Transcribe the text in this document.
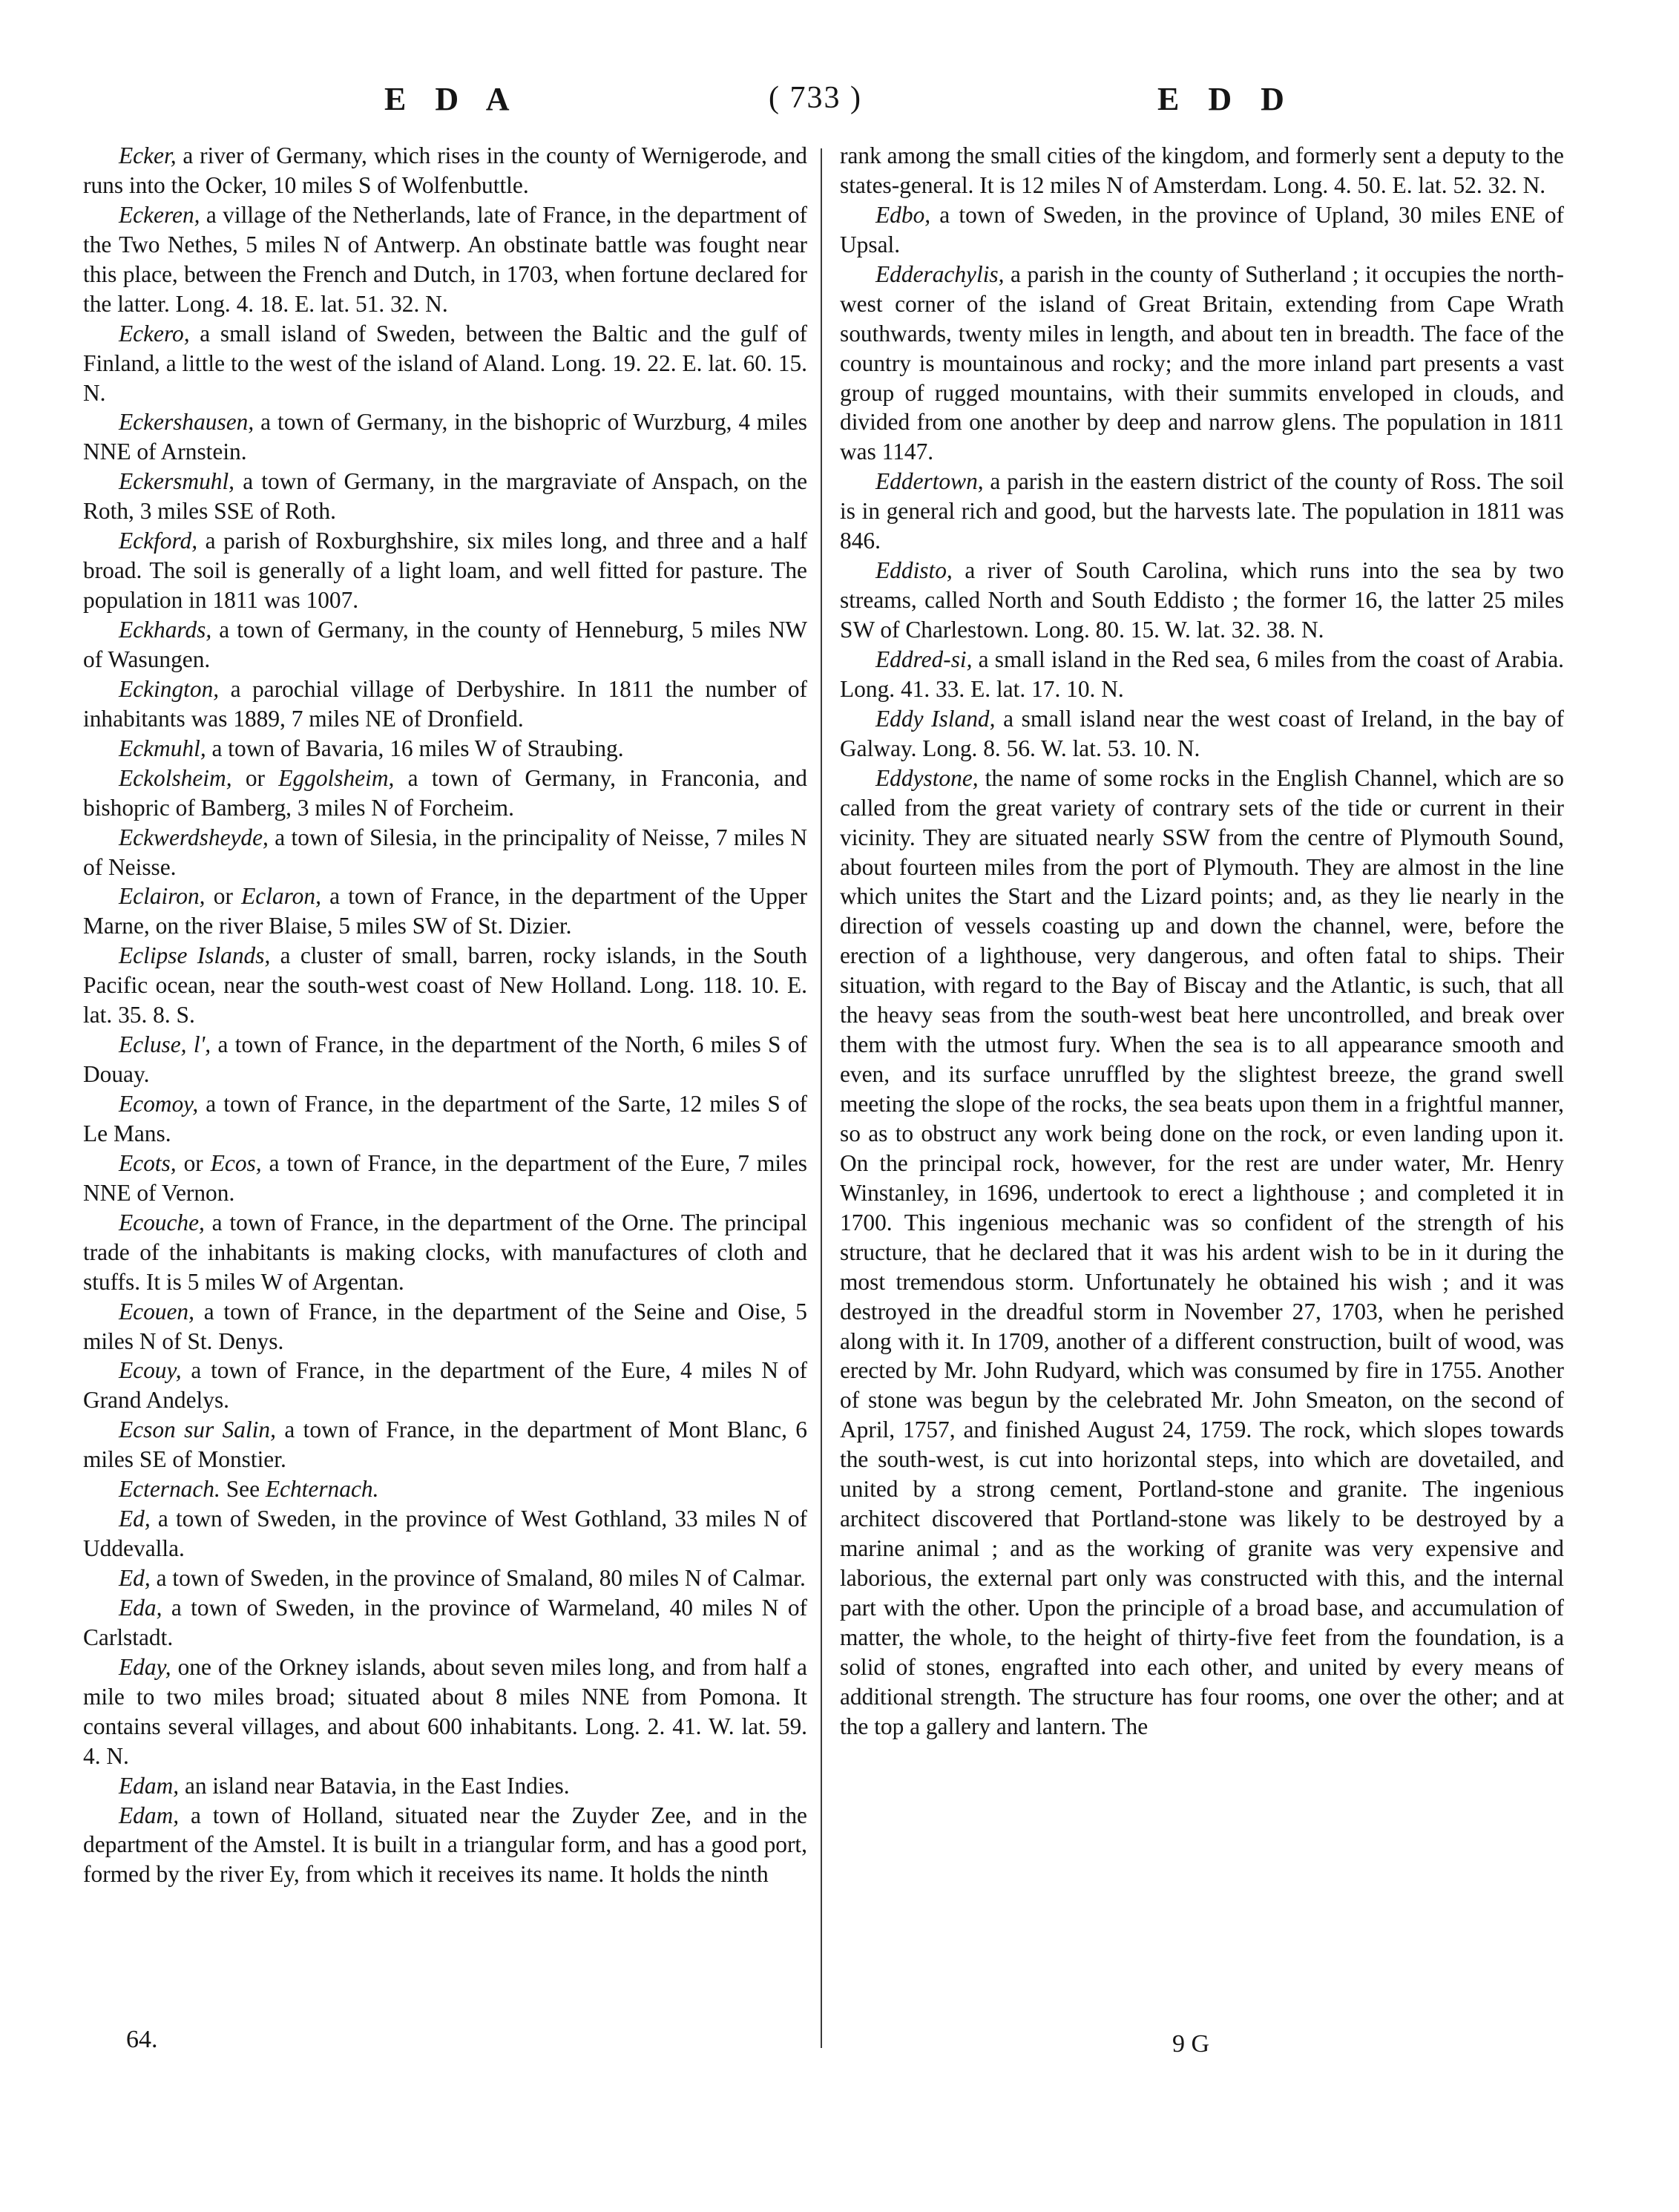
E D A	( 733 )	E D D

Ecker, a river of Germany, which rises in the county of Wernigerode, and runs into the Ocker, 10 miles S of Wolfenbuttle.

Eckeren, a village of the Netherlands, late of France, in the department of the Two Nethes, 5 miles N of Antwerp. An obstinate battle was fought near this place, between the French and Dutch, in 1703, when fortune declared for the latter. Long. 4. 18. E. lat. 51. 32. N.

Eckero, a small island of Sweden, between the Baltic and the gulf of Finland, a little to the west of the island of Aland. Long. 19. 22. E. lat. 60. 15. N.

Eckershausen, a town of Germany, in the bishopric of Wurzburg, 4 miles NNE of Arnstein.

Eckersmuhl, a town of Germany, in the margraviate of Anspach, on the Roth, 3 miles SSE of Roth.

Eckford, a parish of Roxburghshire, six miles long, and three and a half broad. The soil is generally of a light loam, and well fitted for pasture. The population in 1811 was 1007.

Eckhards, a town of Germany, in the county of Henneburg, 5 miles NW of Wasungen.

Eckington, a parochial village of Derbyshire. In 1811 the number of inhabitants was 1889, 7 miles NE of Dronfield.

Eckmuhl, a town of Bavaria, 16 miles W of Straubing.

Eckolsheim, or Eggolsheim, a town of Germany, in Franconia, and bishopric of Bamberg, 3 miles N of Forcheim.

Eckwerdsheyde, a town of Silesia, in the principality of Neisse, 7 miles N of Neisse.

Eclairon, or Eclaron, a town of France, in the department of the Upper Marne, on the river Blaise, 5 miles SW of St. Dizier.

Eclipse Islands, a cluster of small, barren, rocky islands, in the South Pacific ocean, near the south-west coast of New Holland. Long. 118. 10. E. lat. 35. 8. S.

Ecluse, l', a town of France, in the department of the North, 6 miles S of Douay.

Ecomoy, a town of France, in the department of the Sarte, 12 miles S of Le Mans.

Ecots, or Ecos, a town of France, in the department of the Eure, 7 miles NNE of Vernon.

Ecouche, a town of France, in the department of the Orne. The principal trade of the inhabitants is making clocks, with manufactures of cloth and stuffs. It is 5 miles W of Argentan.

Ecouen, a town of France, in the department of the Seine and Oise, 5 miles N of St. Denys.

Ecouy, a town of France, in the department of the Eure, 4 miles N of Grand Andelys.

Ecson sur Salin, a town of France, in the department of Mont Blanc, 6 miles SE of Monstier.

Ecternach. See Echternach.

Ed, a town of Sweden, in the province of West Gothland, 33 miles N of Uddevalla.

Ed, a town of Sweden, in the province of Smaland, 80 miles N of Calmar.

Eda, a town of Sweden, in the province of Warmeland, 40 miles N of Carlstadt.

Eday, one of the Orkney islands, about seven miles long, and from half a mile to two miles broad; situated about 8 miles NNE from Pomona. It contains several villages, and about 600 inhabitants. Long. 2. 41. W. lat. 59. 4. N.

Edam, an island near Batavia, in the East Indies.

Edam, a town of Holland, situated near the Zuyder Zee, and in the department of the Amstel. It is built in a triangular form, and has a good port, formed by the river Ey, from which it receives its name. It holds the ninth

rank among the small cities of the kingdom, and formerly sent a deputy to the states-general. It is 12 miles N of Amsterdam. Long. 4. 50. E. lat. 52. 32. N.

Edbo, a town of Sweden, in the province of Upland, 30 miles ENE of Upsal.

Edderachylis, a parish in the county of Sutherland ; it occupies the north-west corner of the island of Great Britain, extending from Cape Wrath southwards, twenty miles in length, and about ten in breadth. The face of the country is mountainous and rocky; and the more inland part presents a vast group of rugged mountains, with their summits enveloped in clouds, and divided from one another by deep and narrow glens. The population in 1811 was 1147.

Eddertown, a parish in the eastern district of the county of Ross. The soil is in general rich and good, but the harvests late. The population in 1811 was 846.

Eddisto, a river of South Carolina, which runs into the sea by two streams, called North and South Eddisto ; the former 16, the latter 25 miles SW of Charlestown. Long. 80. 15. W. lat. 32. 38. N.

Eddred-si, a small island in the Red sea, 6 miles from the coast of Arabia. Long. 41. 33. E. lat. 17. 10. N.

Eddy Island, a small island near the west coast of Ireland, in the bay of Galway. Long. 8. 56. W. lat. 53. 10. N.

Eddystone, the name of some rocks in the English Channel, which are so called from the great variety of contrary sets of the tide or current in their vicinity. They are situated nearly SSW from the centre of Plymouth Sound, about fourteen miles from the port of Plymouth. They are almost in the line which unites the Start and the Lizard points; and, as they lie nearly in the direction of vessels coasting up and down the channel, were, before the erection of a lighthouse, very dangerous, and often fatal to ships. Their situation, with regard to the Bay of Biscay and the Atlantic, is such, that all the heavy seas from the south-west beat here uncontrolled, and break over them with the utmost fury. When the sea is to all appearance smooth and even, and its surface unruffled by the slightest breeze, the grand swell meeting the slope of the rocks, the sea beats upon them in a frightful manner, so as to obstruct any work being done on the rock, or even landing upon it. On the principal rock, however, for the rest are under water, Mr. Henry Winstanley, in 1696, undertook to erect a lighthouse ; and completed it in 1700. This ingenious mechanic was so confident of the strength of his structure, that he declared that it was his ardent wish to be in it during the most tremendous storm. Unfortunately he obtained his wish ; and it was destroyed in the dreadful storm in November 27, 1703, when he perished along with it. In 1709, another of a different construction, built of wood, was erected by Mr. John Rudyard, which was consumed by fire in 1755. Another of stone was begun by the celebrated Mr. John Smeaton, on the second of April, 1757, and finished August 24, 1759. The rock, which slopes towards the south-west, is cut into horizontal steps, into which are dovetailed, and united by a strong cement, Portland-stone and granite. The ingenious architect discovered that Portland-stone was likely to be destroyed by a marine animal ; and as the working of granite was very expensive and laborious, the external part only was constructed with this, and the internal part with the other. Upon the principle of a broad base, and accumulation of matter, the whole, to the height of thirty-five feet from the foundation, is a solid of stones, engrafted into each other, and united by every means of additional strength. The structure has four rooms, one over the other; and at the top a gallery and lantern. The

64.	9 G
